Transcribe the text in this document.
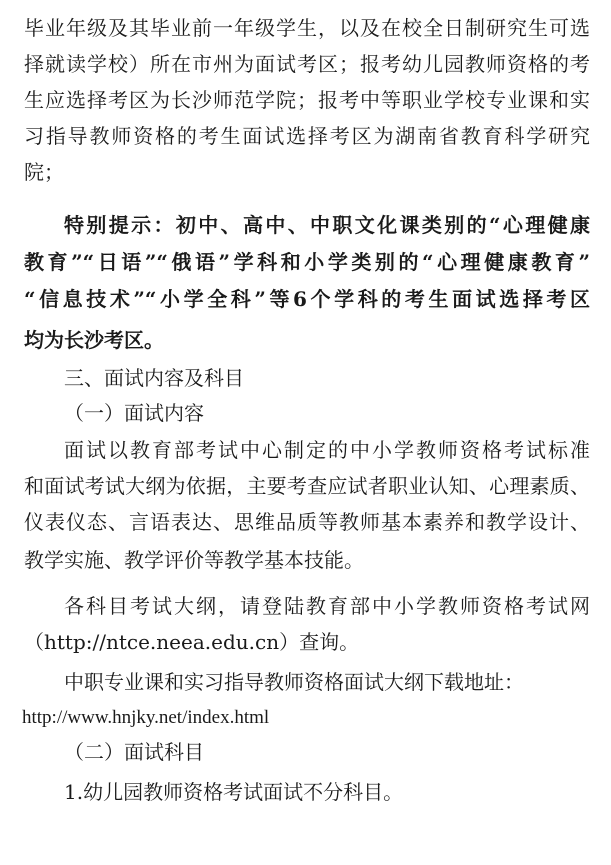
毕业年级及其毕业前一年级学生，以及在校全日制研究生可选
择就读学校）所在市州为面试考区；报考幼儿园教师资格的考
生应选择考区为长沙师范学院；报考中等职业学校专业课和实
习指导教师资格的考生面试选择考区为湖南省教育科学研究
院；
特别提示：初中、高中、中职文化课类别的“心理健康
教育”“日语”“俄语”学科和小学类别的“心理健康教育”
“信息技术”“小学全科”等6个学科的考生面试选择考区
均为长沙考区。
三、面试内容及科目
（一）面试内容
面试以教育部考试中心制定的中小学教师资格考试标准
和面试考试大纲为依据，主要考查应试者职业认知、心理素质、
仪表仪态、言语表达、思维品质等教师基本素养和教学设计、
教学实施、教学评价等教学基本技能。
各科目考试大纲，请登陆教育部中小学教师资格考试网
（http://ntce.neea.edu.cn）查询。
中职专业课和实习指导教师资格面试大纲下载地址：
http://www.hnjky.net/index.html
（二）面试科目
1.幼儿园教师资格考试面试不分科目。
